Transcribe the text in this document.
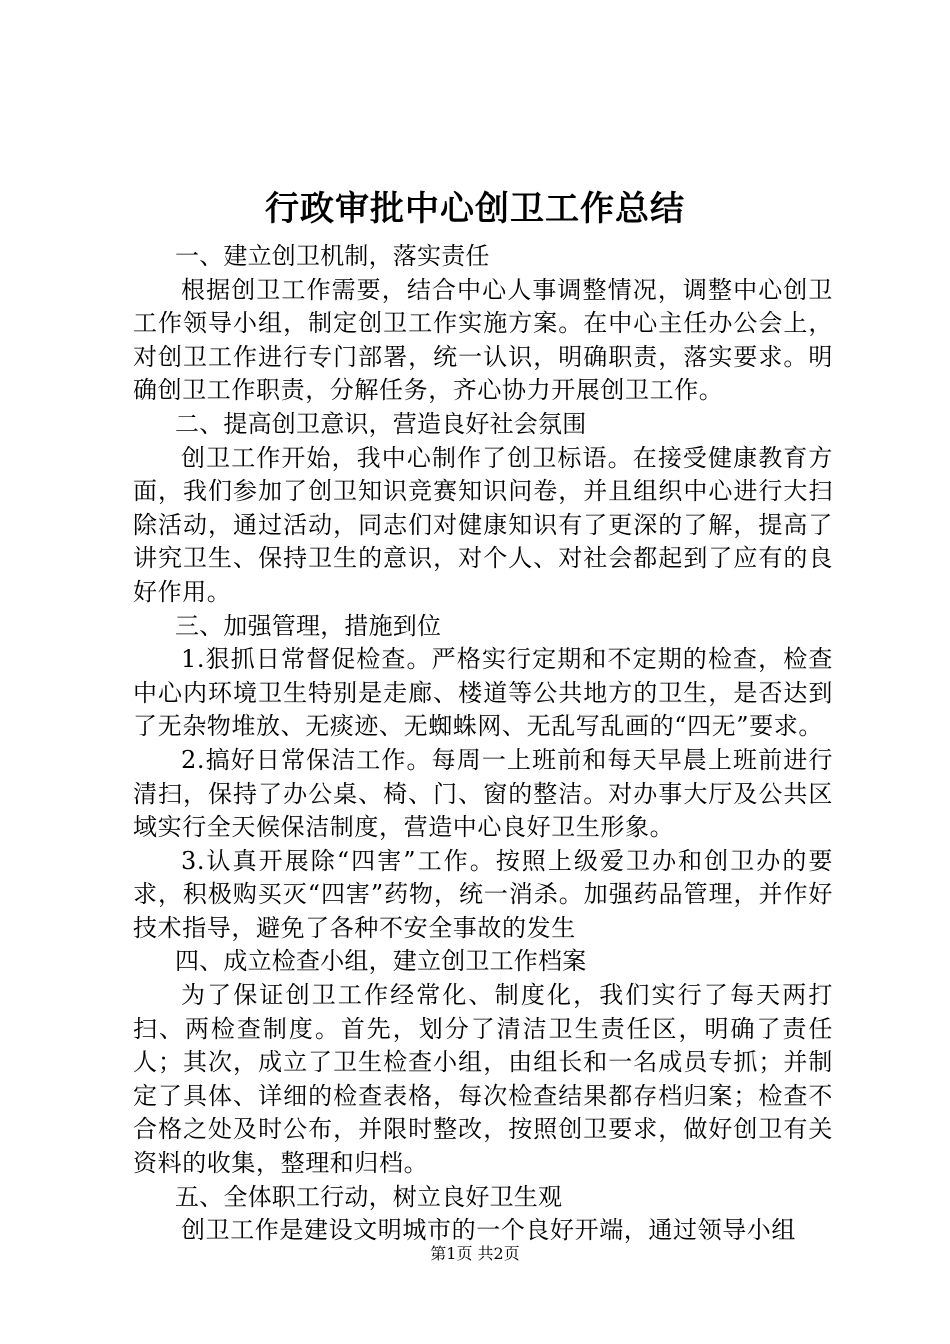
行政审批中心创卫工作总结

一、建立创卫机制，落实责任

根据创卫工作需要，结合中心人事调整情况，调整中心创卫工作领导小组，制定创卫工作实施方案。在中心主任办公会上，对创卫工作进行专门部署，统一认识，明确职责，落实要求。明确创卫工作职责，分解任务，齐心协力开展创卫工作。

二、提高创卫意识，营造良好社会氛围

创卫工作开始，我中心制作了创卫标语。在接受健康教育方面，我们参加了创卫知识竞赛知识问卷，并且组织中心进行大扫除活动，通过活动，同志们对健康知识有了更深的了解，提高了讲究卫生、保持卫生的意识，对个人、对社会都起到了应有的良好作用。

三、加强管理，措施到位

1.狠抓日常督促检查。严格实行定期和不定期的检查，检查中心内环境卫生特别是走廊、楼道等公共地方的卫生，是否达到了无杂物堆放、无痰迹、无蜘蛛网、无乱写乱画的“四无”要求。

2.搞好日常保洁工作。每周一上班前和每天早晨上班前进行清扫，保持了办公桌、椅、门、窗的整洁。对办事大厅及公共区域实行全天候保洁制度，营造中心良好卫生形象。

3.认真开展除“四害”工作。按照上级爱卫办和创卫办的要求，积极购买灭“四害”药物，统一消杀。加强药品管理，并作好技术指导，避免了各种不安全事故的发生

四、成立检查小组，建立创卫工作档案

为了保证创卫工作经常化、制度化，我们实行了每天两打扫、两检查制度。首先，划分了清洁卫生责任区，明确了责任人；其次，成立了卫生检查小组，由组长和一名成员专抓；并制定了具体、详细的检查表格，每次检查结果都存档归案；检查不合格之处及时公布，并限时整改，按照创卫要求，做好创卫有关资料的收集，整理和归档。

五、全体职工行动，树立良好卫生观

创卫工作是建设文明城市的一个良好开端，通过领导小组

第1页 共2页
